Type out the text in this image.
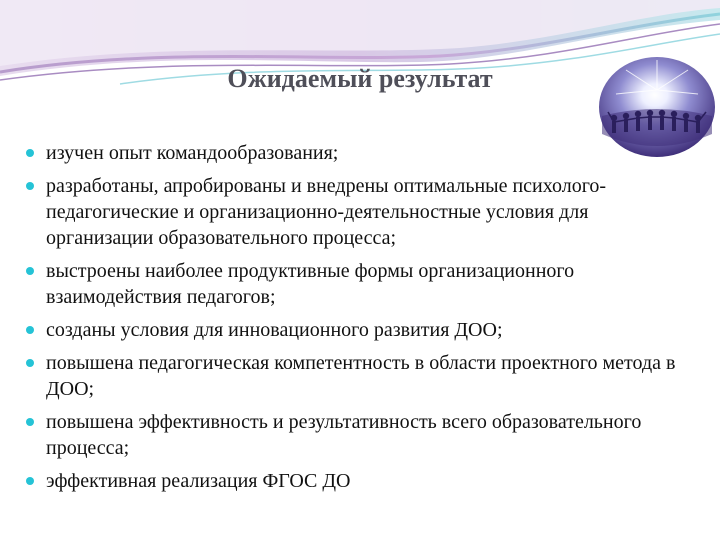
Ожидаемый результат
изучен опыт командообразования;
разработаны, апробированы и внедрены оптимальные психолого-педагогические и организационно-деятельностные условия для организации образовательного процесса;
выстроены наиболее продуктивные формы организационного взаимодействия педагогов;
созданы условия для инновационного развития ДОО;
повышена педагогическая компетентность в области проектного метода в ДОО;
повышена эффективность и результативность всего образовательного процесса;
эффективная реализация ФГОС ДО
